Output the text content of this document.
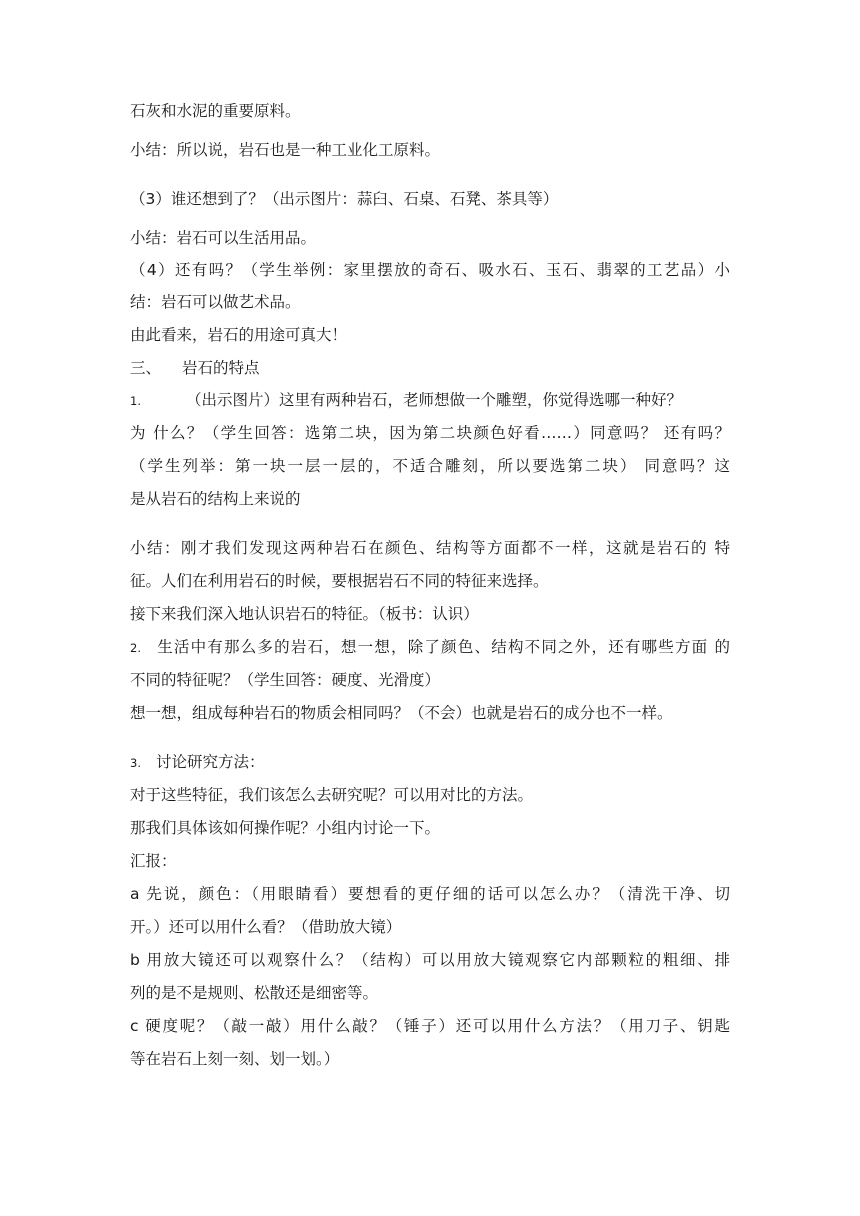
石灰和水泥的重要原料。
小结：所以说，岩石也是一种工业化工原料。
（3）谁还想到了？（出示图片：蒜臼、石桌、石凳、茶具等）
小结：岩石可以生活用品。
（4）还有吗？（学生举例：家里摆放的奇石、吸水石、玉石、翡翠的工艺品）小
结：岩石可以做艺术品。
由此看来，岩石的用途可真大！
三、 岩石的特点
1.	（出示图片）这里有两种岩石，老师想做一个雕塑，你觉得选哪一种好？
为 什么？（学生回答：选第二块，因为第二块颜色好看……）同意吗？ 还有吗？
（学生列举：第一块一层一层的，不适合雕刻，所以要选第二块） 同意吗？这
是从岩石的结构上来说的
小结：刚才我们发现这两种岩石在颜色、结构等方面都不一样，这就是岩石的 特
征。人们在利用岩石的时候，要根据岩石不同的特征来选择。
接下来我们深入地认识岩石的特征。（板书：认识）
2. 生活中有那么多的岩石，想一想，除了颜色、结构不同之外，还有哪些方面 的
不同的特征呢？（学生回答：硬度、光滑度）
想一想，组成每种岩石的物质会相同吗？（不会）也就是岩石的成分也不一样。
3. 讨论研究方法：
对于这些特征，我们该怎么去研究呢？可以用对比的方法。
那我们具体该如何操作呢？小组内讨论一下。
汇报：
a 先说，颜色：（用眼睛看）要想看的更仔细的话可以怎么办？（清洗干净、切
开。）还可以用什么看？（借助放大镜）
b 用放大镜还可以观察什么？（结构）可以用放大镜观察它内部颗粒的粗细、排
列的是不是规则、松散还是细密等。
c 硬度呢？（敲一敲）用什么敲？（锤子）还可以用什么方法？（用刀子、钥匙
等在岩石上刻一刻、划一划。）
